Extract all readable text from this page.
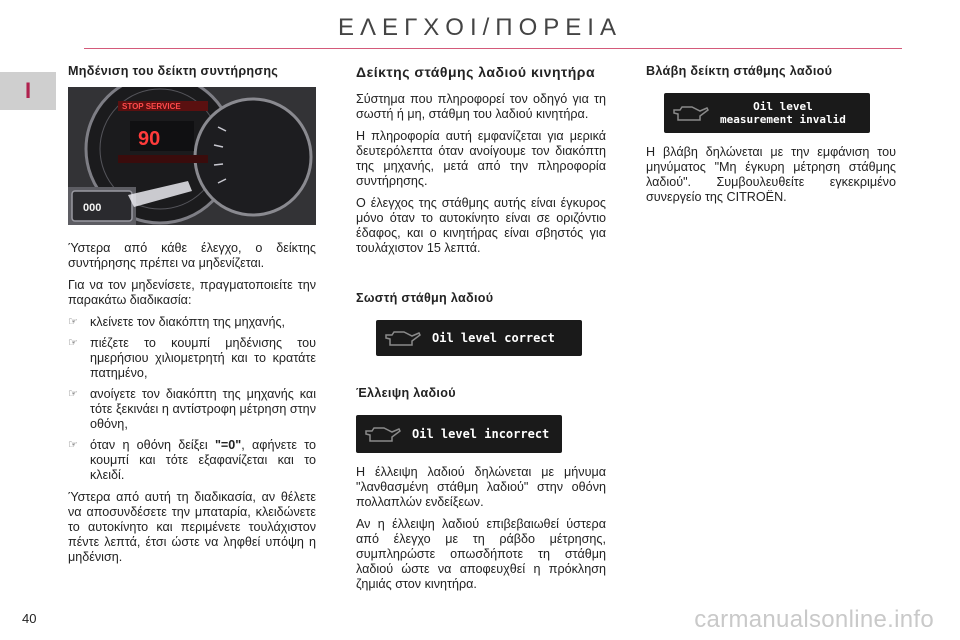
ΕΛΕΓΧΟΙ/ΠΟΡΕΙΑ
I
Μηδένιση του δείκτη συντήρησης
STOP SERVICE
90
000

Ύστερα από κάθε έλεγχο, ο δείκτης συντήρησης πρέπει να μηδενίζεται.

Για να τον μηδενίσετε, πραγματοποιείτε την παρακάτω διαδικασία:

☞ κλείνετε τον διακόπτη της μηχανής,
☞ πιέζετε το κουμπί μηδένισης του ημερήσιου χιλιομετρητή και το κρατάτε πατημένο,
☞ ανοίγετε τον διακόπτη της μηχανής και τότε ξεκινάει η αντίστροφη μέτρηση στην οθόνη,
☞ όταν η οθόνη δείξει "=0", αφήνετε το κουμπί και τότε εξαφανίζεται και το κλειδί.

Ύστερα από αυτή τη διαδικασία, αν θέλετε να αποσυνδέσετε την μπαταρία, κλειδώνετε το αυτοκίνητο και περιμένετε τουλάχιστον πέντε λεπτά, έτσι ώστε να ληφθεί υπόψη η μηδένιση.

Δείκτης στάθμης λαδιού κινητήρα

Σύστημα που πληροφορεί τον οδηγό για τη σωστή ή μη, στάθμη του λαδιού κινητήρα.

Η πληροφορία αυτή εμφανίζεται για μερικά δευτερόλεπτα όταν ανοίγουμε τον διακόπτη της μηχανής, μετά από την πληροφορία συντήρησης.

Ο έλεγχος της στάθμης αυτής είναι έγκυρος μόνο όταν το αυτοκίνητο είναι σε οριζόντιο έδαφος, και ο κινητήρας είναι σβηστός για τουλάχιστον 15 λεπτά.

Σωστή στάθμη λαδιού
Oil level correct
Έλλειψη λαδιού
Oil level incorrect

Η έλλειψη λαδιού δηλώνεται με μήνυμα "λανθασμένη στάθμη λαδιού" στην οθόνη πολλαπλών ενδείξεων.

Αν η έλλειψη λαδιού επιβεβαιωθεί ύστερα από έλεγχο με τη ράβδο μέτρησης, συμπληρώστε οπωσδήποτε τη στάθμη λαδιού ώστε να αποφευχθεί η πρόκληση ζημιάς στον κινητήρα.

Βλάβη δείκτη στάθμης λαδιού
Oil level
measurement invalid

Η βλάβη δηλώνεται με την εμφάνιση του μηνύματος "Μη έγκυρη μέτρηση στάθμης λαδιού". Συμβουλευθείτε εγκεκριμένο συνεργείο της CITROËN.

40	carmanualsonline.info
